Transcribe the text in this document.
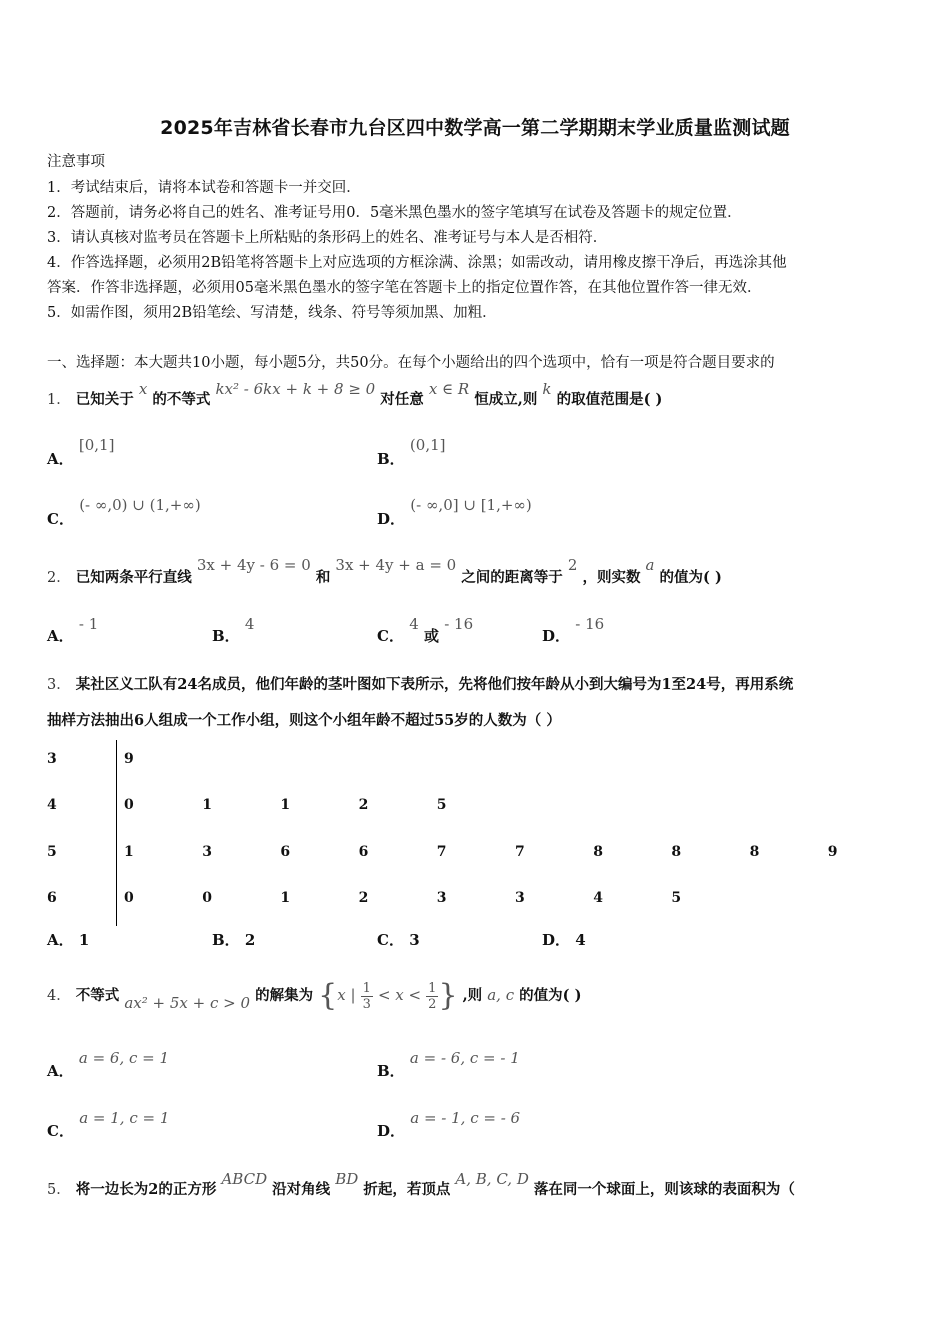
2025年吉林省长春市九台区四中数学高一第二学期期末学业质量监测试题
注意事项
1．考试结束后，请将本试卷和答题卡一并交回．
2．答题前，请务必将自己的姓名、准考证号用0．5毫米黑色墨水的签字笔填写在试卷及答题卡的规定位置．
3．请认真核对监考员在答题卡上所粘贴的条形码上的姓名、准考证号与本人是否相符．
4．作答选择题，必须用2B铅笔将答题卡上对应选项的方框涂满、涂黑；如需改动，请用橡皮擦干净后，再选涂其他
答案．作答非选择题，必须用05毫米黑色墨水的签字笔在答题卡上的指定位置作答，在其他位置作答一律无效．
5．如需作图，须用2B铅笔绘、写清楚，线条、符号等须加黑、加粗．
一、选择题：本大题共10小题，每小题5分，共50分。在每个小题给出的四个选项中，恰有一项是符合题目要求的
1． 已知关于 x 的不等式 kx² - 6kx + k + 8 ≥ 0 对任意 x ∈ R 恒成立,则 k 的取值范围是( )
A． [0,1]
B． (0,1]
C． (- ∞,0) ∪ (1,+∞)
D． (- ∞,0] ∪ [1,+∞)
2． 已知两条平行直线 3x + 4y - 6 = 0 和 3x + 4y + a = 0 之间的距离等于 2 ，则实数 a 的值为( )
A． - 1
B． 4
C． 4 或 - 16
D． - 16
3． 某社区义工队有24名成员，他们年龄的茎叶图如下表所示，先将他们按年龄从小到大编号为1至24号，再用系统
抽样方法抽出6人组成一个工作小组，则这个小组年龄不超过55岁的人数为（ ）
3	9
4	0	1	1	2	5
5	1	3	6	6	7	7	8	8	8	9
6	0	0	1	2	3	3	4	5
A． 1	B． 2	C． 3	D． 4
4． 不等式 ax² + 5x + c > 0 的解集为 {x | $\frac{1}{3} < x < \frac{1}{2}$ } ,则 a, c 的值为( )
A． a = 6, c = 1
B． a = - 6, c = - 1
C． a = 1, c = 1
D． a = - 1, c = - 6
5． 将一边长为2的正方形 ABCD 沿对角线 BD 折起，若顶点 A, B, C, D 落在同一个球面上，则该球的表面积为（
